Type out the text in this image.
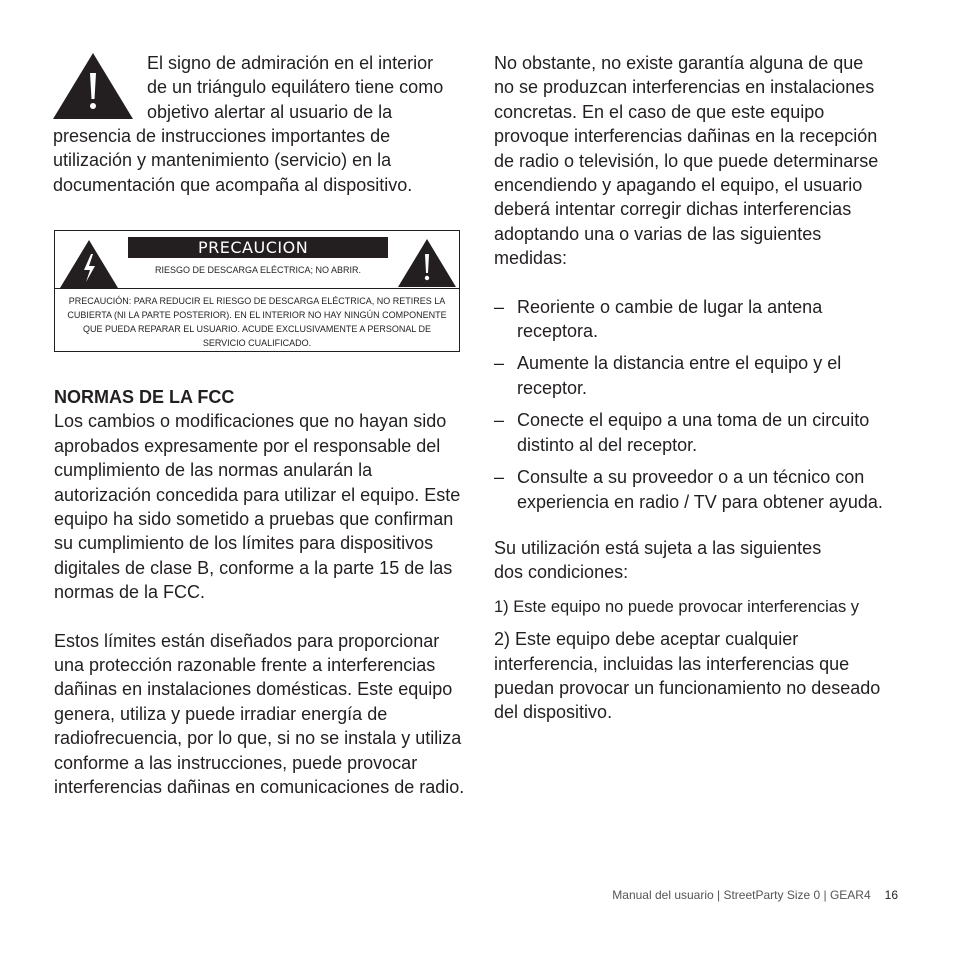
El signo de admiración en el interior
de un triángulo equilátero tiene como
objetivo alertar al usuario de la
presencia de instrucciones importantes de utilización y mantenimiento (servicio) en la documentación que acompaña al dispositivo.
PRECAUCION
RIESGO DE DESCARGA ELÉCTRICA; NO ABRIR.
PRECAUCIÓN: PARA REDUCIR EL RIESGO DE DESCARGA ELÉCTRICA, NO RETIRES LA CUBIERTA (NI LA PARTE POSTERIOR). EN EL INTERIOR NO HAY NINGÚN COMPONENTE QUE PUEDA REPARAR EL USUARIO. ACUDE EXCLUSIVAMENTE A PERSONAL DE SERVICIO CUALIFICADO.
NORMAS DE LA FCC

Los cambios o modificaciones que no hayan sido aprobados expresamente por el responsable del cumplimiento de las normas anularán la autorización concedida para utilizar el equipo. Este equipo ha sido sometido a pruebas que confirman su cumplimiento de los límites para dispositivos digitales de clase B, conforme a la parte 15 de las normas de la FCC.

Estos límites están diseñados para proporcionar una protección razonable frente a interferencias dañinas en instalaciones domésticas. Este equipo genera, utiliza y puede irradiar energía de radiofrecuencia, por lo que, si no se instala y utiliza conforme a las instrucciones, puede provocar interferencias dañinas en comunicaciones de radio.

No obstante, no existe garantía alguna de que no se produzcan interferencias en instalaciones concretas. En el caso de que este equipo provoque interferencias dañinas en la recepción de radio o televisión, lo que puede determinarse encendiendo y apagando el equipo, el usuario deberá intentar corregir dichas interferencias adoptando una o varias de las siguientes medidas:

– Reoriente o cambie de lugar la antena receptora.
– Aumente la distancia entre el equipo y el receptor.
– Conecte el equipo a una toma de un circuito distinto al del receptor.
– Consulte a su proveedor o a un técnico con experiencia en radio / TV para obtener ayuda.

Su utilización está sujeta a las siguientes dos condiciones:

1) Este equipo no puede provocar interferencias y

2) Este equipo debe aceptar cualquier interferencia, incluidas las interferencias que puedan provocar un funcionamiento no deseado del dispositivo.

Manual del usuario | StreetParty Size 0 | GEAR4 16
